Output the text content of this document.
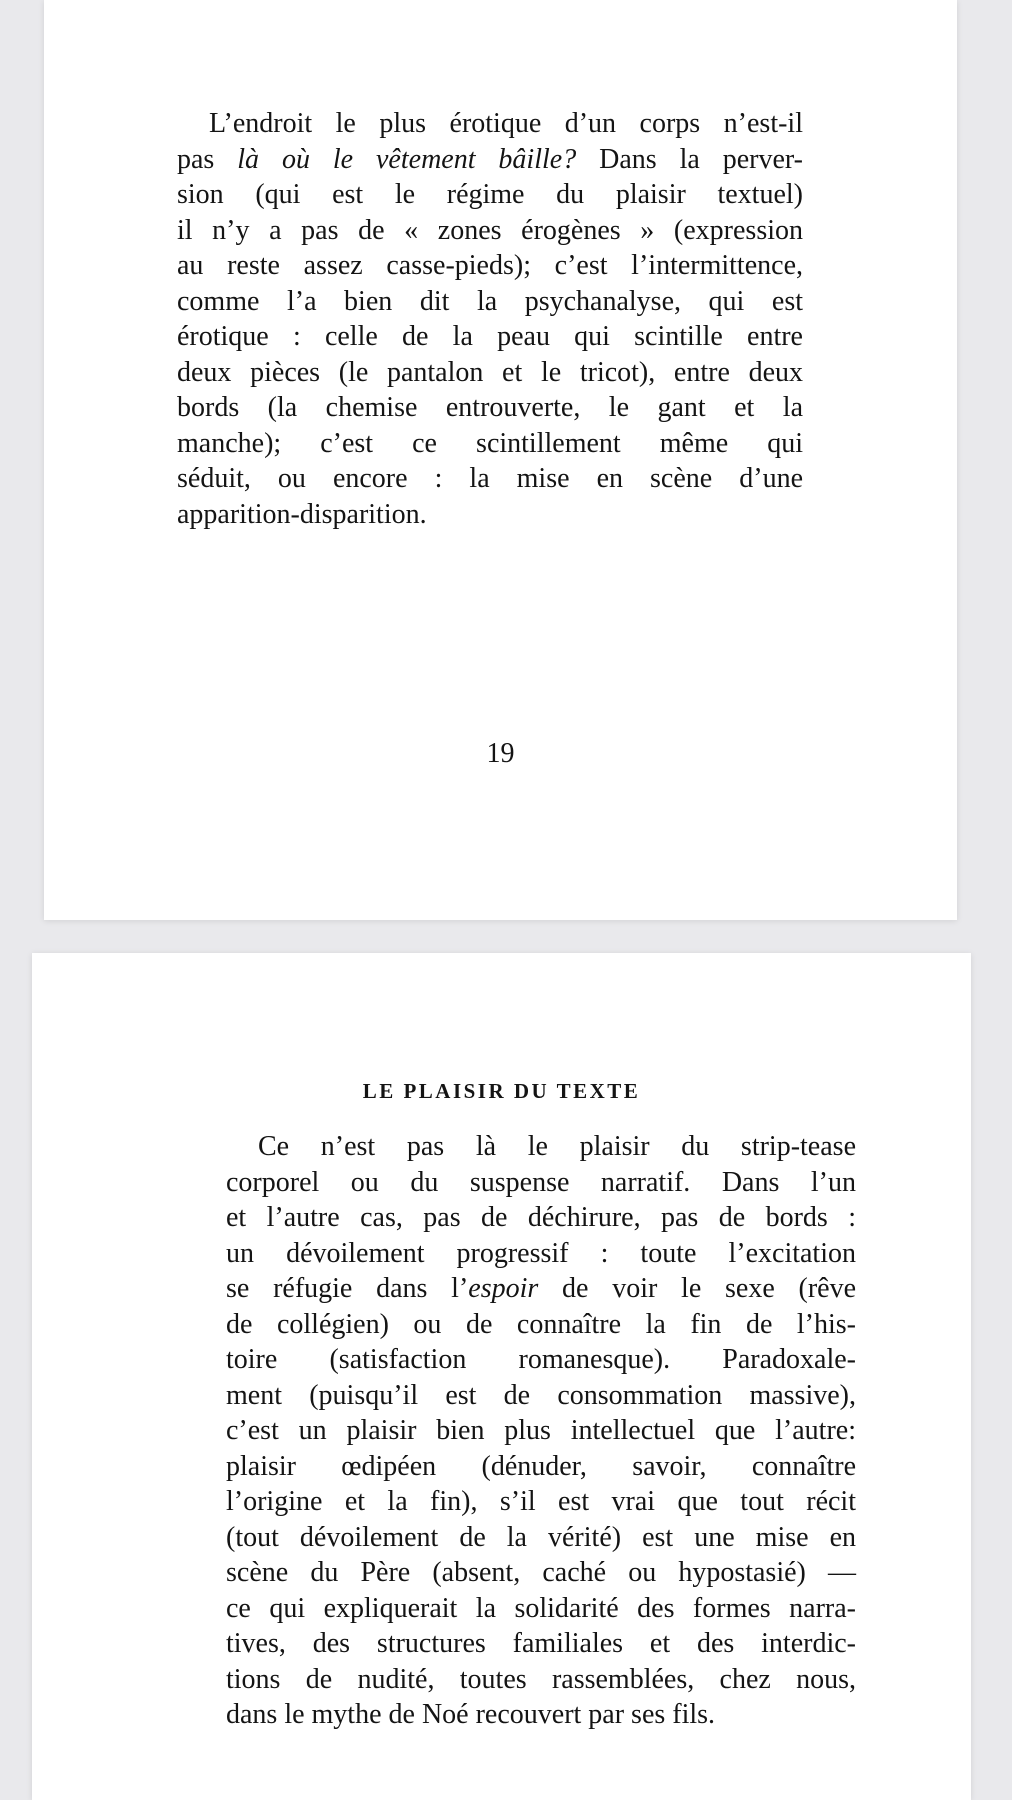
L’endroit le plus érotique d’un corps n’est-il
pas là où le vêtement bâille? Dans la perver-
sion (qui est le régime du plaisir textuel)
il n’y a pas de « zones érogènes » (expression
au reste assez casse-pieds); c’est l’intermittence,
comme l’a bien dit la psychanalyse, qui est
érotique : celle de la peau qui scintille entre
deux pièces (le pantalon et le tricot), entre deux
bords (la chemise entrouverte, le gant et la
manche); c’est ce scintillement même qui
séduit, ou encore : la mise en scène d’une
apparition-disparition.
19
LE PLAISIR DU TEXTE
Ce n’est pas là le plaisir du strip-tease
corporel ou du suspense narratif. Dans l’un
et l’autre cas, pas de déchirure, pas de bords :
un dévoilement progressif : toute l’excitation
se réfugie dans l’espoir de voir le sexe (rêve
de collégien) ou de connaître la fin de l’his-
toire (satisfaction romanesque). Paradoxale-
ment (puisqu’il est de consommation massive),
c’est un plaisir bien plus intellectuel que l’autre:
plaisir œdipéen (dénuder, savoir, connaître
l’origine et la fin), s’il est vrai que tout récit
(tout dévoilement de la vérité) est une mise en
scène du Père (absent, caché ou hypostasié) —
ce qui expliquerait la solidarité des formes narra-
tives, des structures familiales et des interdic-
tions de nudité, toutes rassemblées, chez nous,
dans le mythe de Noé recouvert par ses fils.
